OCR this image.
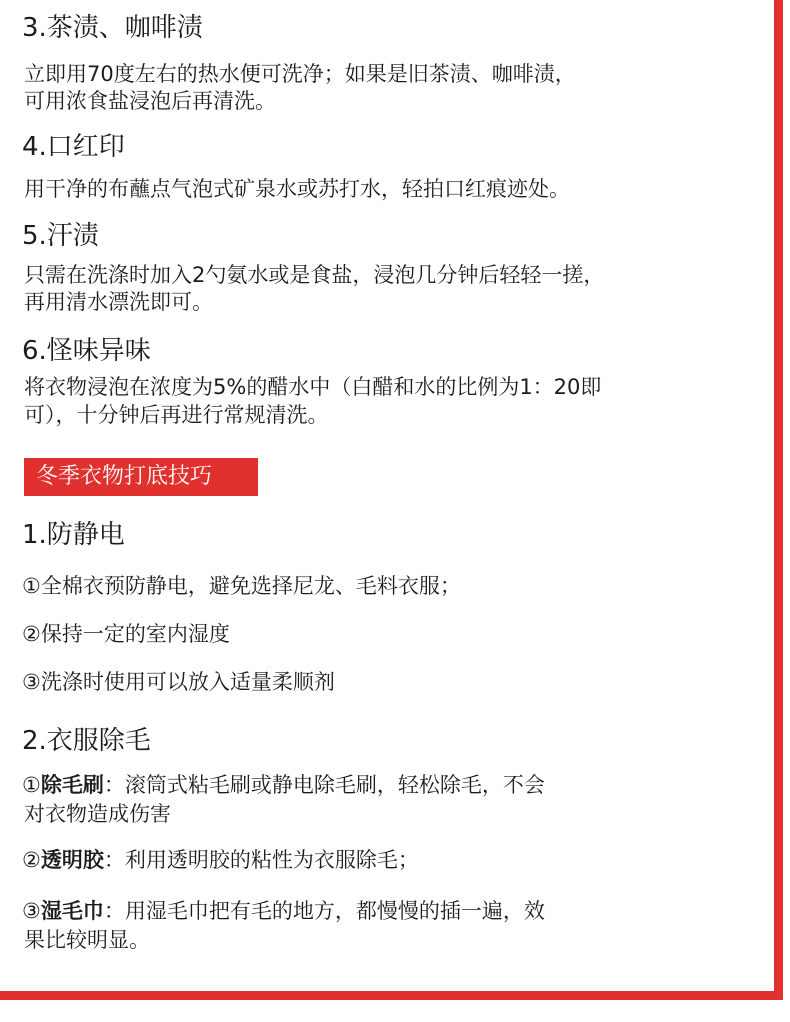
3.茶渍、咖啡渍
立即用70度左右的热水便可洗净；如果是旧茶渍、咖啡渍，
可用浓食盐浸泡后再清洗。
4.口红印
用干净的布蘸点气泡式矿泉水或苏打水，轻拍口红痕迹处。
5.汗渍
只需在洗涤时加入2勺氨水或是食盐，浸泡几分钟后轻轻一搓，
再用清水漂洗即可。
6.怪味异味
将衣物浸泡在浓度为5%的醋水中（白醋和水的比例为1：20即
可），十分钟后再进行常规清洗。
冬季衣物打底技巧
1.防静电
①全棉衣预防静电，避免选择尼龙、毛料衣服；
②保持一定的室内湿度
③洗涤时使用可以放入适量柔顺剂
2.衣服除毛
①除毛刷：滚筒式粘毛刷或静电除毛刷，轻松除毛，不会
对衣物造成伤害
②透明胶：利用透明胶的粘性为衣服除毛；
③湿毛巾：用湿毛巾把有毛的地方，都慢慢的插一遍，效
果比较明显。
